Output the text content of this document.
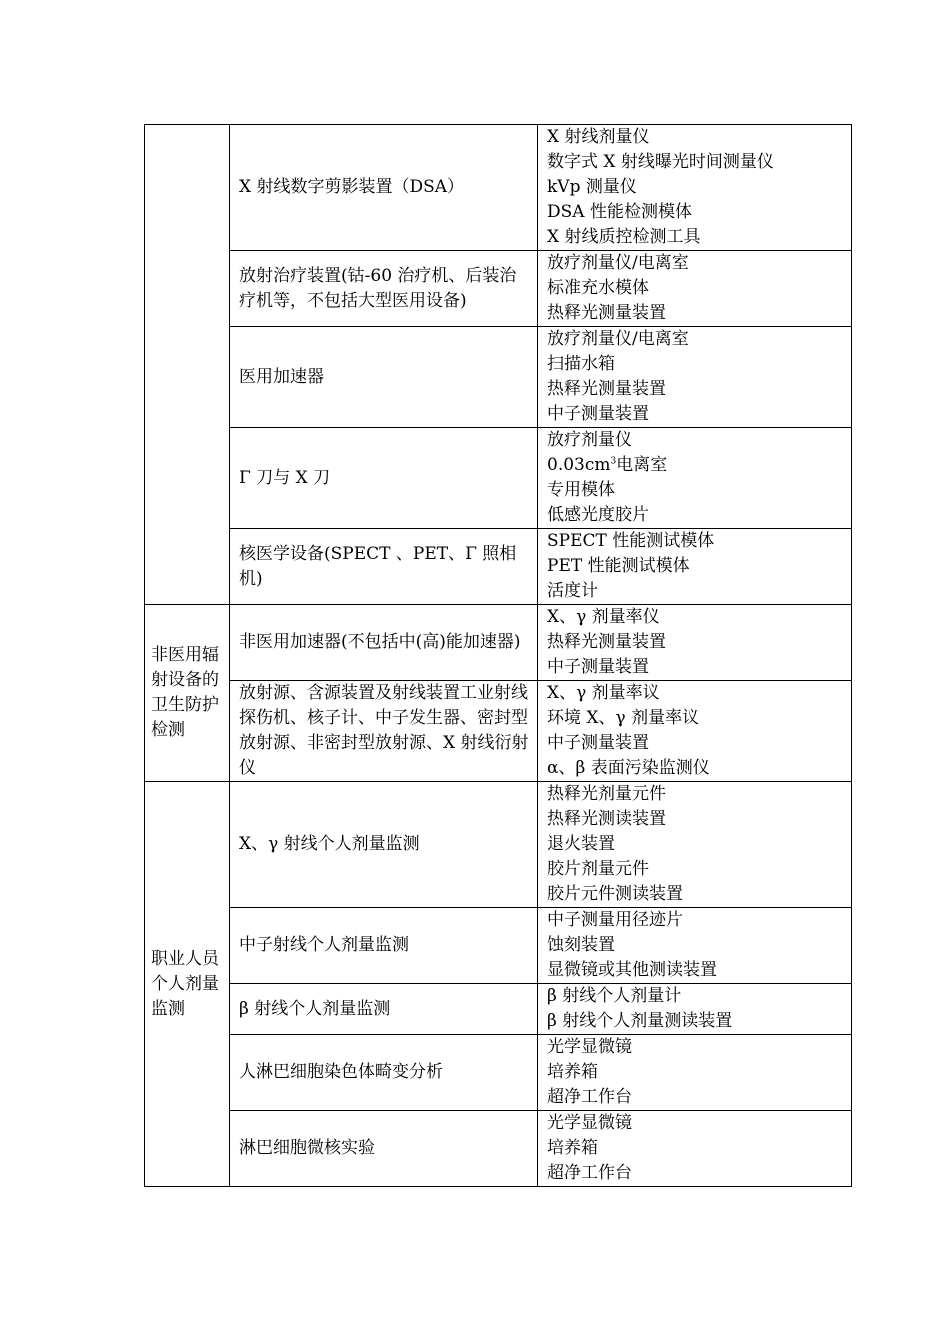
	X 射线数字剪影装置（DSA）	X 射线剂量仪
数字式 X 射线曝光时间测量仪
kVp 测量仪
DSA 性能检测模体
X 射线质控检测工具

	放射治疗装置(钴-60 治疗机、后装治疗机等，不包括大型医用设备)	放疗剂量仪/电离室
标准充水模体
热释光测量装置

	医用加速器	放疗剂量仪/电离室
扫描水箱
热释光测量装置
中子测量装置

	Γ 刀与 X 刀	放疗剂量仪
$0.03cm^3$电离室
专用模体
低感光度胶片

	核医学设备(SPECT 、PET、Γ 照相机)	SPECT 性能测试模体
PET 性能测试模体
活度计

非医用辐射设备的卫生防护检测	非医用加速器(不包括中(高)能加速器)	X、γ 剂量率仪
热释光测量装置
中子测量装置

	放射源、含源装置及射线装置工业射线探伤机、核子计、中子发生器、密封型放射源、非密封型放射源、X 射线衍射仪	X、γ 剂量率议
环境 X、γ 剂量率议
中子测量装置
α、β 表面污染监测仪

职业人员个人剂量监测	X、γ 射线个人剂量监测	热释光剂量元件
热释光测读装置
退火装置
胶片剂量元件
胶片元件测读装置

	中子射线个人剂量监测	中子测量用径迹片
蚀刻装置
显微镜或其他测读装置

	β 射线个人剂量监测	β 射线个人剂量计
β 射线个人剂量测读装置

	人淋巴细胞染色体畸变分析	光学显微镜
培养箱
超净工作台

	淋巴细胞微核实验	光学显微镜
培养箱
超净工作台
